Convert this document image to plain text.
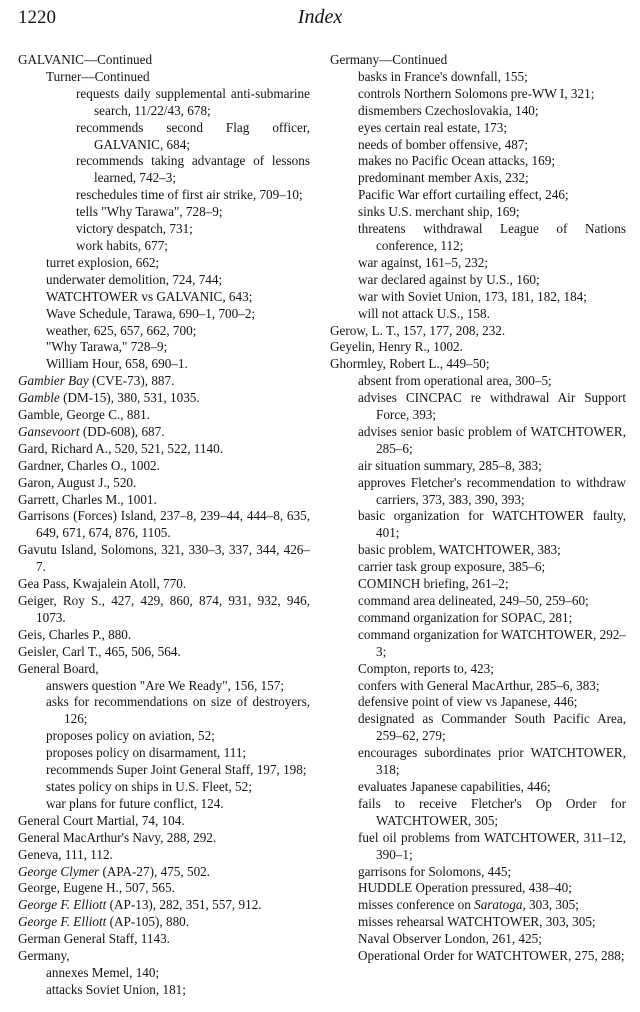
1220	Index
GALVANIC—Continued
Turner—Continued
requests daily supplemental anti-submarine search, 11/22/43, 678;
recommends second Flag officer, GALVANIC, 684;
recommends taking advantage of lessons learned, 742–3;
reschedules time of first air strike, 709–10;
tells "Why Tarawa", 728–9;
victory despatch, 731;
work habits, 677;
turret explosion, 662;
underwater demolition, 724, 744;
WATCHTOWER vs GALVANIC, 643;
Wave Schedule, Tarawa, 690–1, 700–2;
weather, 625, 657, 662, 700;
"Why Tarawa," 728–9;
William Hour, 658, 690–1.
Gambier Bay (CVE-73), 887.
Gamble (DM-15), 380, 531, 1035.
Gamble, George C., 881.
Gansevoort (DD-608), 687.
Gard, Richard A., 520, 521, 522, 1140.
Gardner, Charles O., 1002.
Garon, August J., 520.
Garrett, Charles M., 1001.
Garrisons (Forces) Island, 237–8, 239–44, 444–8, 635, 649, 671, 674, 876, 1105.
Gavutu Island, Solomons, 321, 330–3, 337, 344, 426–7.
Gea Pass, Kwajalein Atoll, 770.
Geiger, Roy S., 427, 429, 860, 874, 931, 932, 946, 1073.
Geis, Charles P., 880.
Geisler, Carl T., 465, 506, 564.
General Board,
answers question "Are We Ready", 156, 157;
asks for recommendations on size of destroyers, 126;
proposes policy on aviation, 52;
proposes policy on disarmament, 111;
recommends Super Joint General Staff, 197, 198;
states policy on ships in U.S. Fleet, 52;
war plans for future conflict, 124.
General Court Martial, 74, 104.
General MacArthur's Navy, 288, 292.
Geneva, 111, 112.
George Clymer (APA-27), 475, 502.
George, Eugene H., 507, 565.
George F. Elliott (AP-13), 282, 351, 557, 912.
George F. Elliott (AP-105), 880.
German General Staff, 1143.
Germany,
annexes Memel, 140;
attacks Soviet Union, 181;
Germany—Continued
basks in France's downfall, 155;
controls Northern Solomons pre-WW I, 321;
dismembers Czechoslovakia, 140;
eyes certain real estate, 173;
needs of bomber offensive, 487;
makes no Pacific Ocean attacks, 169;
predominant member Axis, 232;
Pacific War effort curtailing effect, 246;
sinks U.S. merchant ship, 169;
threatens withdrawal League of Nations conference, 112;
war against, 161–5, 232;
war declared against by U.S., 160;
war with Soviet Union, 173, 181, 182, 184;
will not attack U.S., 158.
Gerow, L. T., 157, 177, 208, 232.
Geyelin, Henry R., 1002.
Ghormley, Robert L., 449–50;
absent from operational area, 300–5;
advises CINCPAC re withdrawal Air Support Force, 393;
advises senior basic problem of WATCHTOWER, 285–6;
air situation summary, 285–8, 383;
approves Fletcher's recommendation to withdraw carriers, 373, 383, 390, 393;
basic organization for WATCHTOWER faulty, 401;
basic problem, WATCHTOWER, 383;
carrier task group exposure, 385–6;
COMINCH briefing, 261–2;
command area delineated, 249–50, 259–60;
command organization for SOPAC, 281;
command organization for WATCHTOWER, 292–3;
Compton, reports to, 423;
confers with General MacArthur, 285–6, 383;
defensive point of view vs Japanese, 446;
designated as Commander South Pacific Area, 259–62, 279;
encourages subordinates prior WATCHTOWER, 318;
evaluates Japanese capabilities, 446;
fails to receive Fletcher's Op Order for WATCHTOWER, 305;
fuel oil problems from WATCHTOWER, 311–12, 390–1;
garrisons for Solomons, 445;
HUDDLE Operation pressured, 438–40;
misses conference on Saratoga, 303, 305;
misses rehearsal WATCHTOWER, 303, 305;
Naval Observer London, 261, 425;
Operational Order for WATCHTOWER, 275, 288;
